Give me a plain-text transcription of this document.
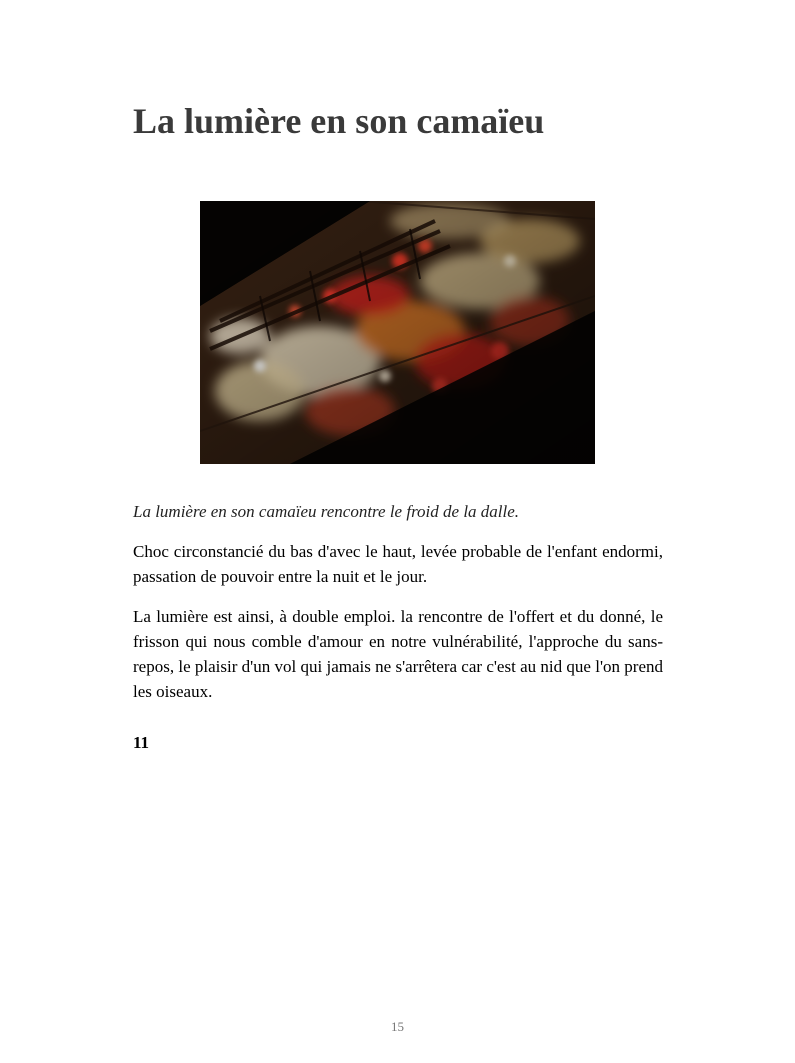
La lumière en son camaïeu

La lumière en son camaïeu rencontre le froid de la dalle.

Choc circonstancié du bas d'avec le haut, levée probable de l'enfant endormi, passation de pouvoir entre la nuit et le jour.

La lumière est ainsi, à double emploi. la rencontre de l'offert et du donné, le frisson qui nous comble d'amour en notre vulnérabilité, l'approche du sans-repos, le plaisir d'un vol qui jamais ne s'arrêtera car c'est au nid que l'on prend les oiseaux.

11

15
